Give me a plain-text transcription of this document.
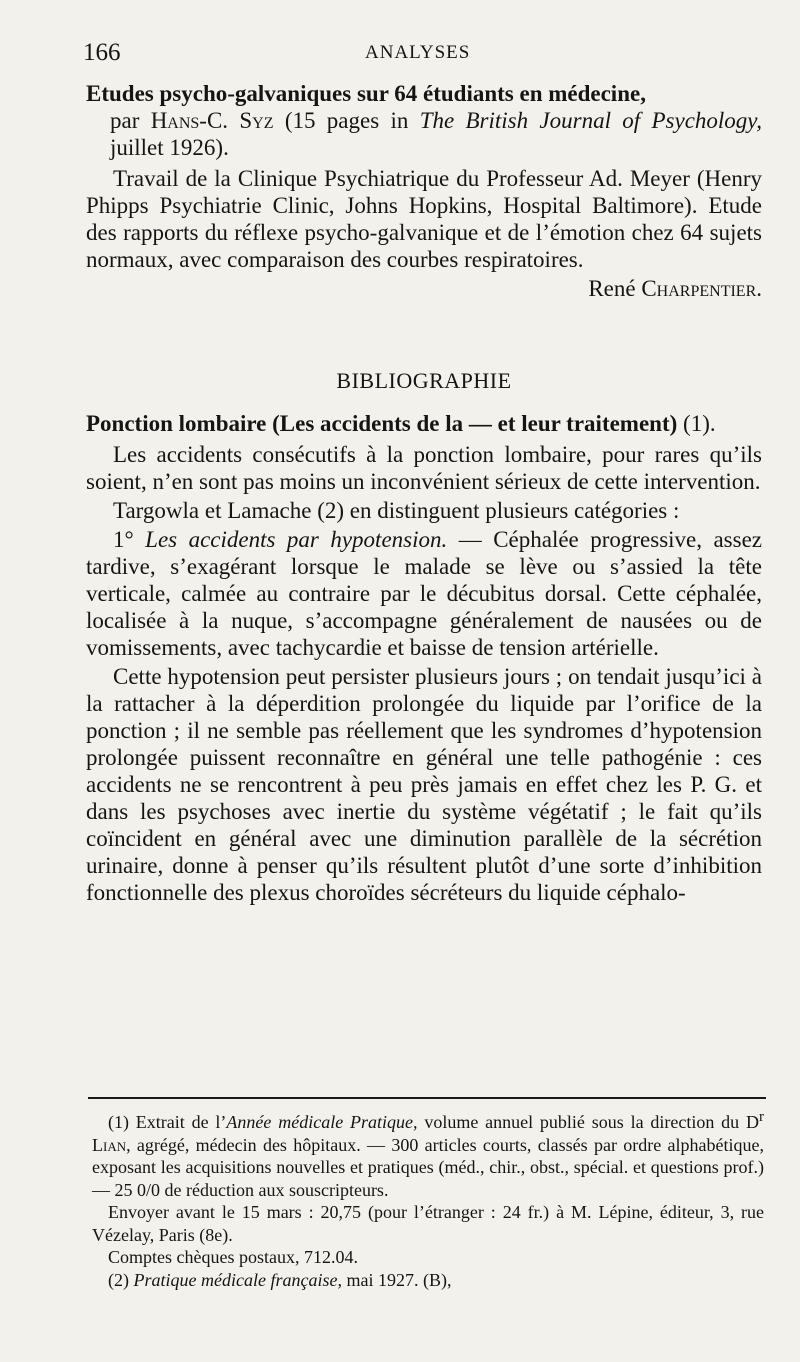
166	ANALYSES

Etudes psycho-galvaniques sur 64 étudiants en médecine,
par Hans-C. Syz (15 pages in The British Journal of Psychology, juillet 1926).

Travail de la Clinique Psychiatrique du Professeur Ad. Meyer (Henry Phipps Psychiatrie Clinic, Johns Hopkins, Hospital Baltimore). Etude des rapports du réflexe psycho-galvanique et de l’émotion chez 64 sujets normaux, avec comparaison des courbes respiratoires.

René Charpentier.

BIBLIOGRAPHIE

Ponction lombaire (Les accidents de la — et leur traitement) (1).

Les accidents consécutifs à la ponction lombaire, pour rares qu’ils soient, n’en sont pas moins un inconvénient sérieux de cette intervention.

Targowla et Lamache (2) en distinguent plusieurs catégories :

1° Les accidents par hypotension. — Céphalée progressive, assez tardive, s’exagérant lorsque le malade se lève ou s’assied la tête verticale, calmée au contraire par le décubitus dorsal. Cette céphalée, localisée à la nuque, s’accompagne généralement de nausées ou de vomissements, avec tachycardie et baisse de tension artérielle.

Cette hypotension peut persister plusieurs jours ; on tendait jusqu’ici à la rattacher à la déperdition prolongée du liquide par l’orifice de la ponction ; il ne semble pas réellement que les syndromes d’hypotension prolongée puissent reconnaître en général une telle pathogénie : ces accidents ne se rencontrent à peu près jamais en effet chez les P. G. et dans les psychoses avec inertie du système végétatif ; le fait qu’ils coïncident en général avec une diminution parallèle de la sécrétion urinaire, donne à penser qu’ils résultent plutôt d’une sorte d’inhibition fonctionnelle des plexus choroïdes sécréteurs du liquide céphalo-

(1) Extrait de l’Année médicale Pratique, volume annuel publié sous la direction du $D^r$ Lian, agrégé, médecin des hôpitaux. — 300 articles courts, classés par ordre alphabétique, exposant les acquisitions nouvelles et pratiques (méd., chir., obst., spécial. et questions prof.) — 25 0/0 de réduction aux souscripteurs.

Envoyer avant le 15 mars : 20,75 (pour l’étranger : 24 fr.) à M. Lépine, éditeur, 3, rue Vézelay, Paris (8e).

Comptes chèques postaux, 712.04.

(2) Pratique médicale française, mai 1927. (B),
